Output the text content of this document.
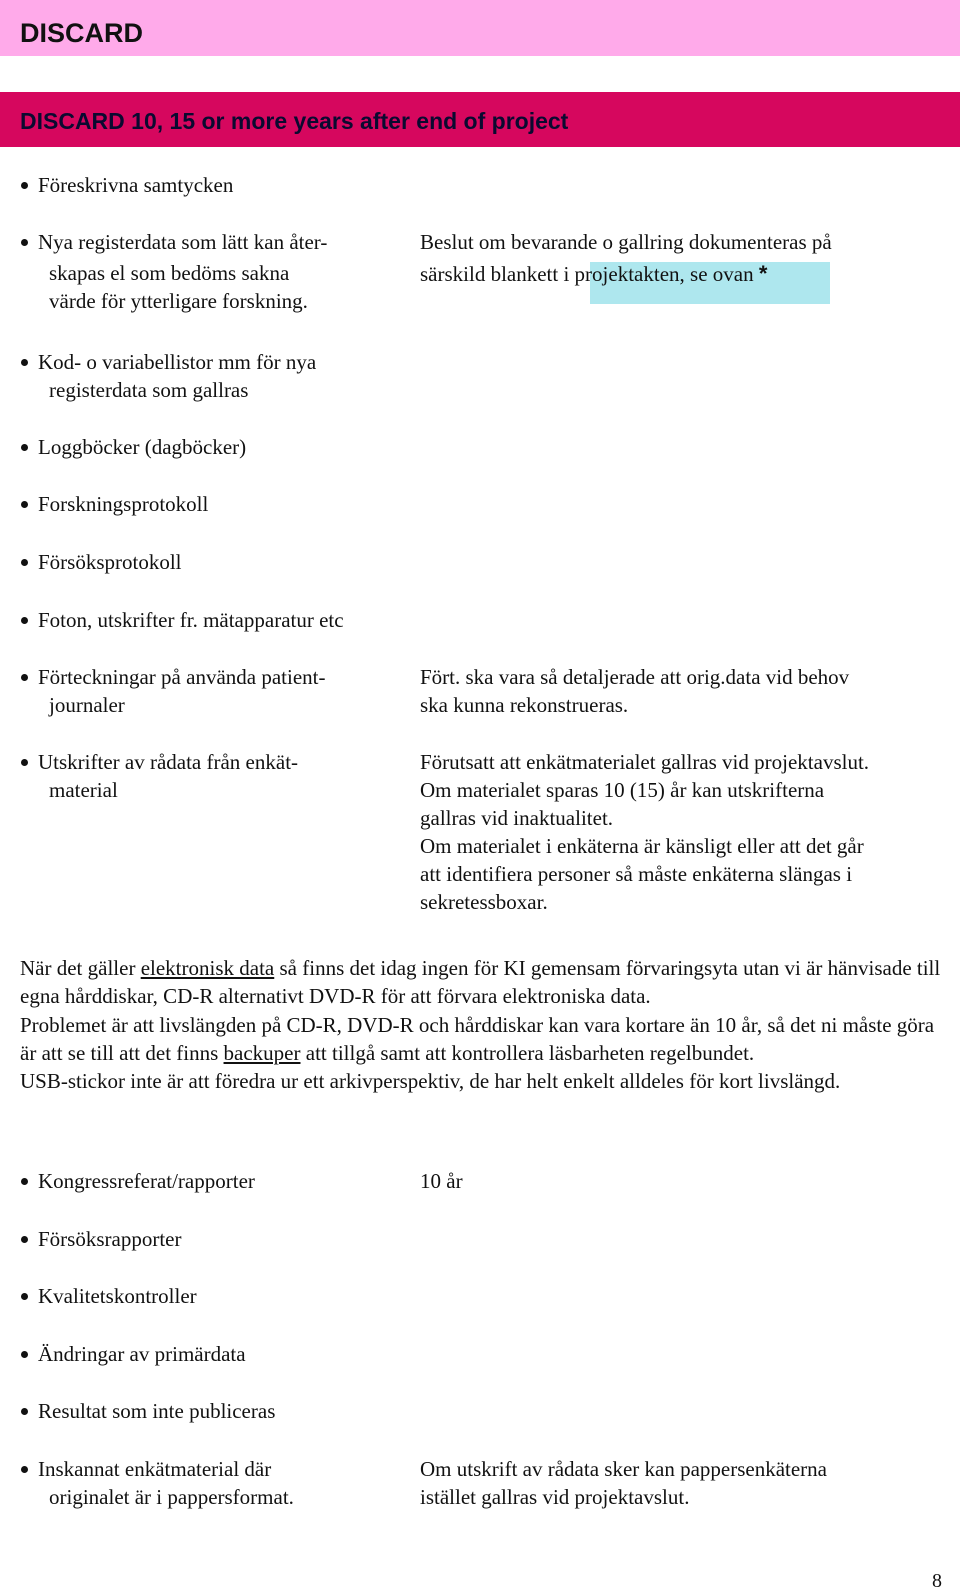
DISCARD
DISCARD 10, 15 or more years after end of project
Föreskrivna samtycken
Nya registerdata som lätt kan åter-
skapas el som bedöms sakna
värde för ytterligare forskning.
Beslut om bevarande o gallring dokumenteras på
särskild blankett i projektakten, se ovan *
Kod- o variabellistor mm för nya
registerdata som gallras
Loggböcker (dagböcker)
Forskningsprotokoll
Försöksprotokoll
Foton, utskrifter fr. mätapparatur etc
Förteckningar på använda patient-
journaler
Fört. ska vara så detaljerade att orig.data vid behov
ska kunna rekonstrueras.
Utskrifter av rådata från enkät-
material
Förutsatt att enkätmaterialet gallras vid projektavslut.
Om materialet sparas 10 (15) år kan utskrifterna
gallras vid inaktualitet.
Om materialet i enkäterna är känsligt eller att det går
att identifiera personer så måste enkäterna slängas i
sekretessboxar.
När det gäller elektronisk data så finns det idag ingen för KI gemensam förvaringsyta utan vi är hänvisade till egna hårddiskar, CD-R alternativt DVD-R för att förvara elektroniska data.
Problemet är att livslängden på CD-R, DVD-R och hårddiskar kan vara kortare än 10 år, så det ni måste göra är att se till att det finns backuper att tillgå samt att kontrollera läsbarheten regelbundet.
USB-stickor inte är att föredra ur ett arkivperspektiv, de har helt enkelt alldeles för kort livslängd.
Kongressreferat/rapporter	10 år
Försöksrapporter
Kvalitetskontroller
Ändringar av primärdata
Resultat som inte publiceras
Inskannat enkätmaterial där
originalet är i pappersformat.
Om utskrift av rådata sker kan pappersenkäterna
istället gallras vid projektavslut.
8
